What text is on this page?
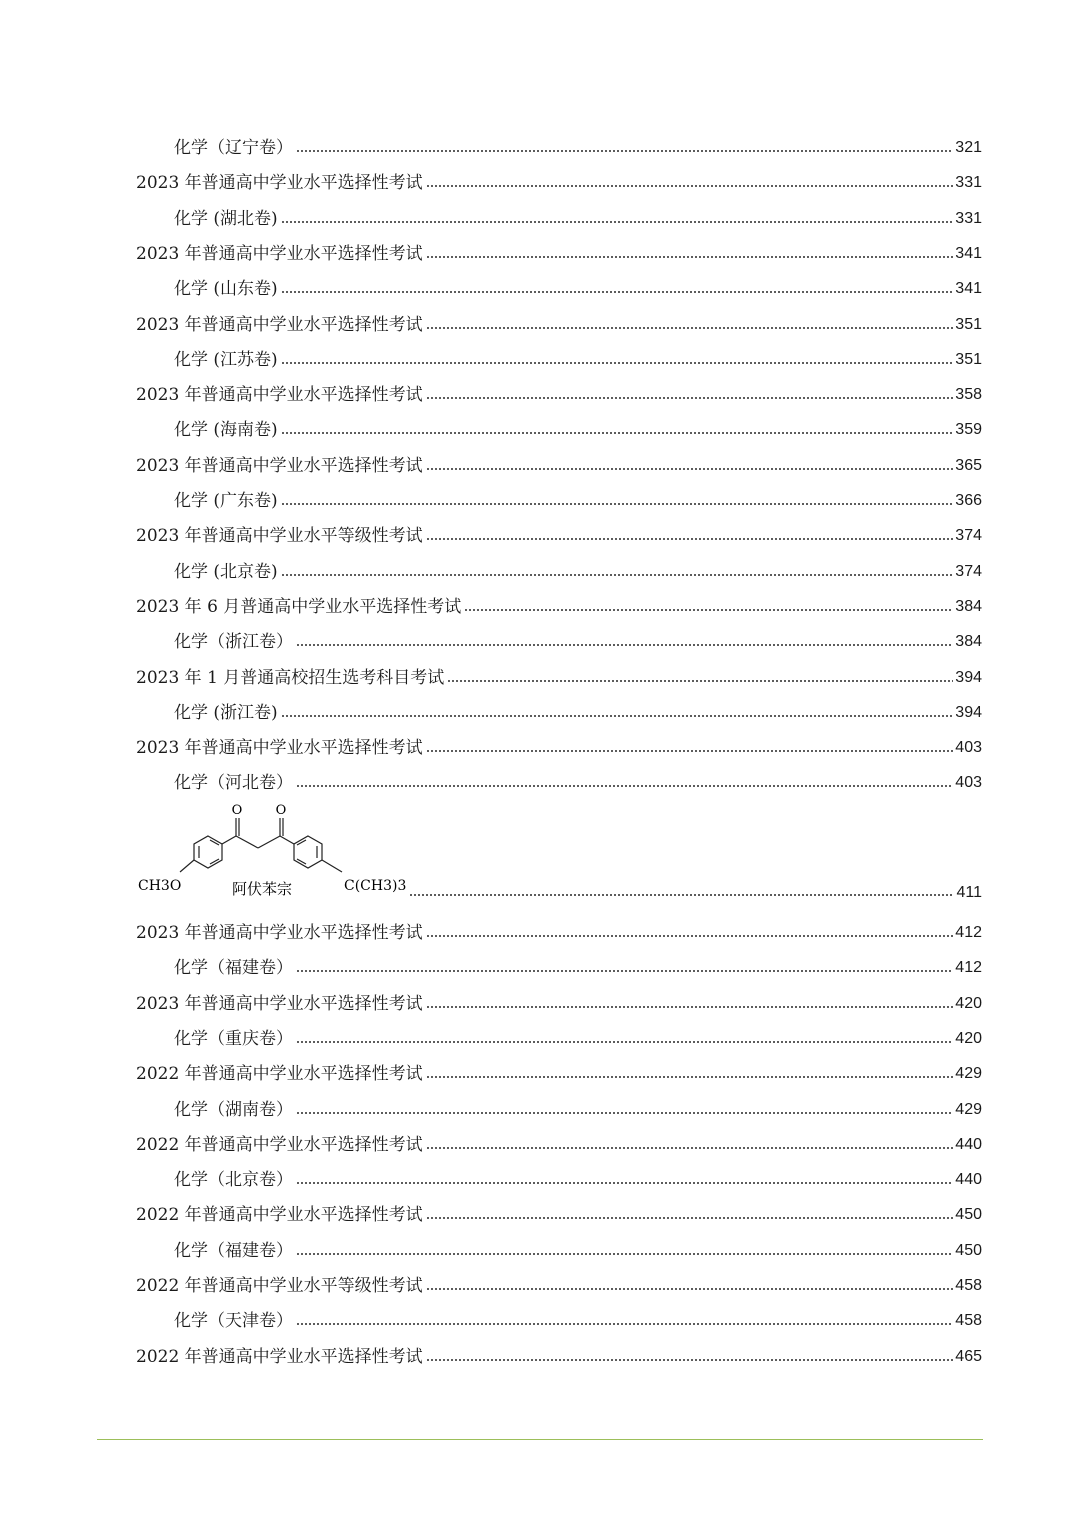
化学（辽宁卷）	321
2023 年普通高中学业水平选择性考试	331
化学 (湖北卷)	331
2023 年普通高中学业水平选择性考试	341
化学 (山东卷)	341
2023 年普通高中学业水平选择性考试	351
化学 (江苏卷)	351
2023 年普通高中学业水平选择性考试	358
化学 (海南卷)	359
2023 年普通高中学业水平选择性考试	365
化学 (广东卷)	366
2023 年普通高中学业水平等级性考试	374
化学 (北京卷)	374
2023 年 6 月普通高中学业水平选择性考试	384
化学（浙江卷）	384
2023 年 1 月普通高校招生选考科目考试	394
化学 (浙江卷)	394
2023 年普通高中学业水平选择性考试	403
化学（河北卷）	403
O	O
CH3O	C(CH3)3
阿伏苯宗	411
2023 年普通高中学业水平选择性考试	412
化学（福建卷）	412
2023 年普通高中学业水平选择性考试	420
化学（重庆卷）	420
2022 年普通高中学业水平选择性考试	429
化学（湖南卷）	429
2022 年普通高中学业水平选择性考试	440
化学（北京卷）	440
2022 年普通高中学业水平选择性考试	450
化学（福建卷）	450
2022 年普通高中学业水平等级性考试	458
化学（天津卷）	458
2022 年普通高中学业水平选择性考试	465
